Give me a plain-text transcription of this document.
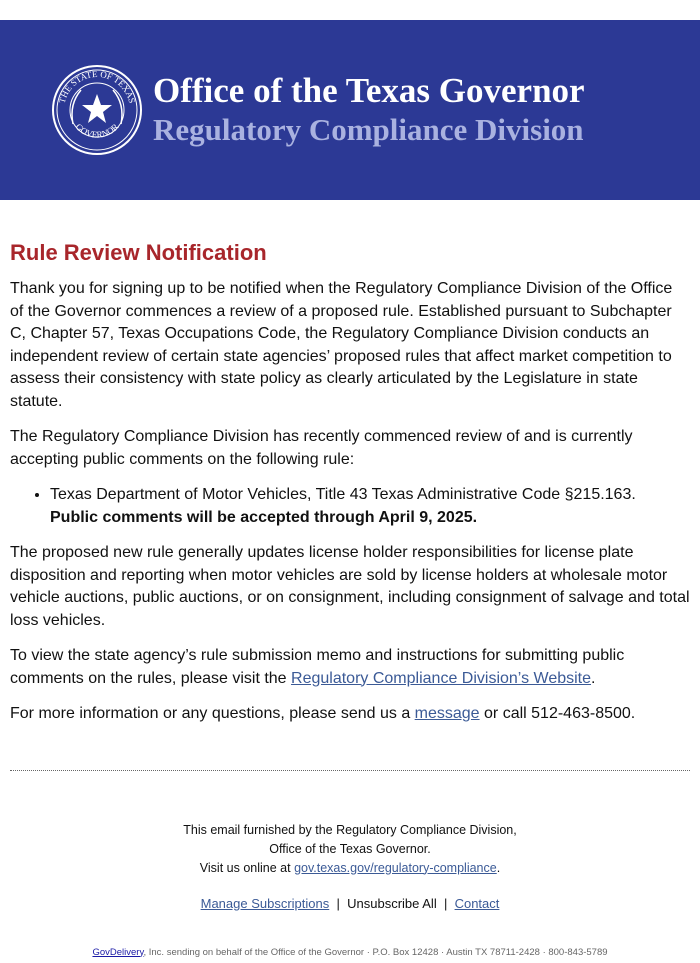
THE STATE OF TEXAS
GOVERNOR
Office of the Texas Governor
Regulatory Compliance Division
Rule Review Notification

Thank you for signing up to be notified when the Regulatory Compliance Division of the Office of the Governor commences a review of a proposed rule. Established pursuant to Subchapter C, Chapter 57, Texas Occupations Code, the Regulatory Compliance Division conducts an independent review of certain state agencies’ proposed rules that affect market competition to assess their consistency with state policy as clearly articulated by the Legislature in state statute.

The Regulatory Compliance Division has recently commenced review of and is currently accepting public comments on the following rule:

• Texas Department of Motor Vehicles, Title 43 Texas Administrative Code §215.163.
Public comments will be accepted through April 9, 2025.

The proposed new rule generally updates license holder responsibilities for license plate disposition and reporting when motor vehicles are sold by license holders at wholesale motor vehicle auctions, public auctions, or on consignment, including consignment of salvage and total loss vehicles.

To view the state agency’s rule submission memo and instructions for submitting public comments on the rules, please visit the Regulatory Compliance Division’s Website.

For more information or any questions, please send us a message or call 512-463-8500.

This email furnished by the Regulatory Compliance Division,
Office of the Texas Governor.
Visit us online at gov.texas.gov/regulatory-compliance.
Manage Subscriptions | Unsubscribe All | Contact
GovDelivery, Inc. sending on behalf of the Office of the Governor · P.O. Box 12428 · Austin TX 78711-2428 · 800-843-5789
